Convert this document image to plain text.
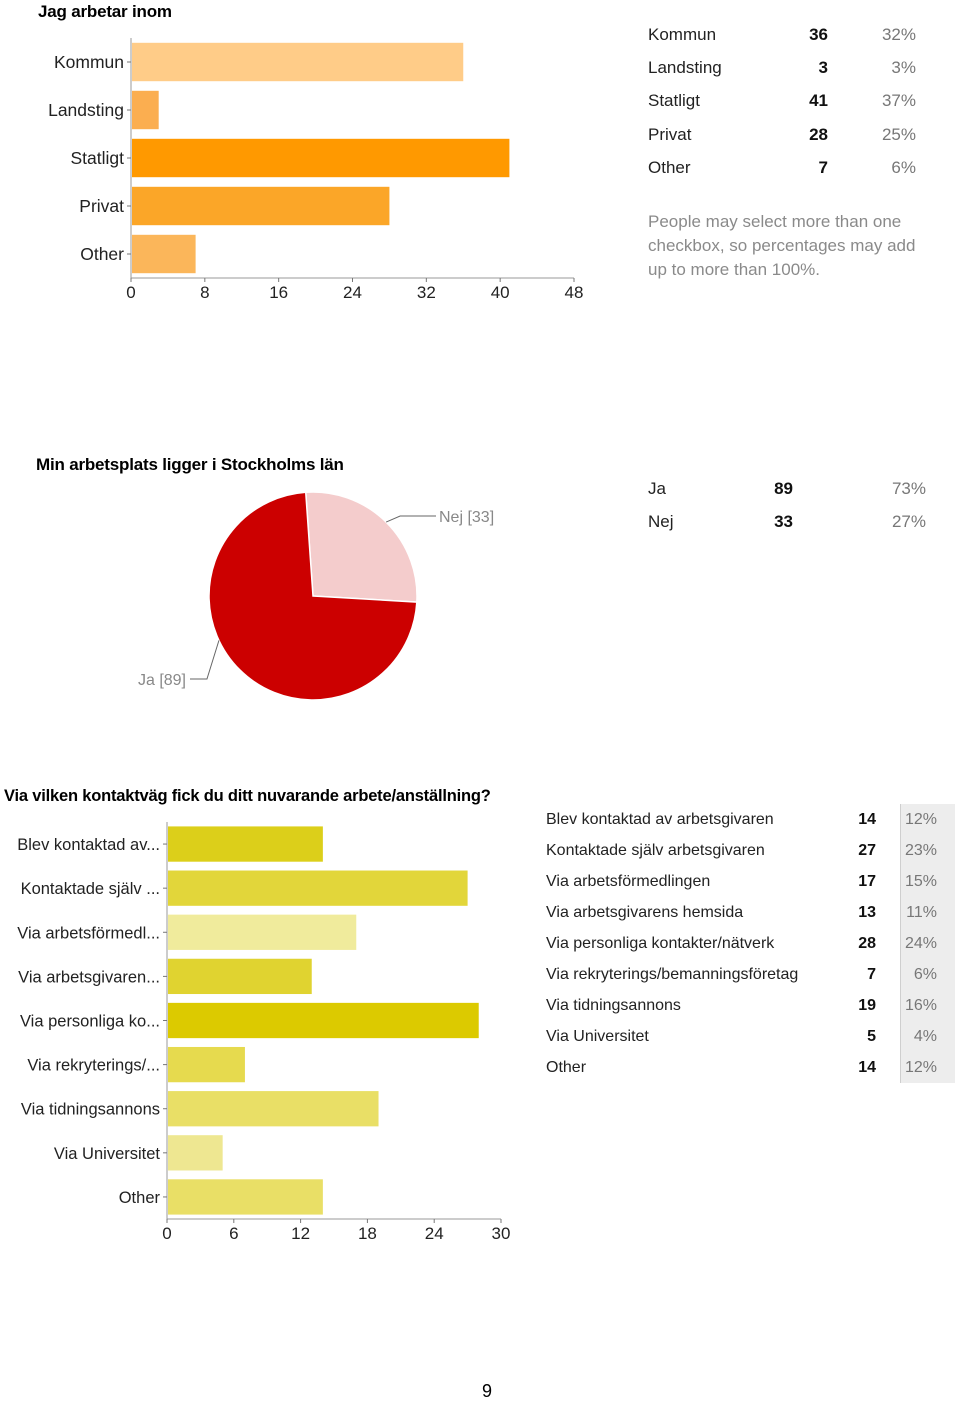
Jag arbetar inom
Kommun
Landsting
Statligt
Privat
Other
0	8	16	24	32	40	48
Kommun	36	32%
Landsting	3	3%
Statligt	41	37%
Privat	28	25%
Other	7	6%
People may select more than one checkbox, so percentages may add up to more than 100%.
Min arbetsplats ligger i Stockholms län
Nej [33]
Ja [89]
Ja	89	73%
Nej	33	27%
Via vilken kontaktväg fick du ditt nuvarande arbete/anställning?
Blev kontaktad av...
Kontaktade själv ...
Via arbetsförmedl...
Via arbetsgivaren...
Via personliga ko...
Via rekryterings/...
Via tidningsannons
Via Universitet
Other
0	6	12	18	24	30
Blev kontaktad av arbetsgivaren	14	12%
Kontaktade själv arbetsgivaren	27	23%
Via arbetsförmedlingen	17	15%
Via arbetsgivarens hemsida	13	11%
Via personliga kontakter/nätverk	28	24%
Via rekryterings/bemanningsföretag	7	6%
Via tidningsannons	19	16%
Via Universitet	5	4%
Other	14	12%
9
